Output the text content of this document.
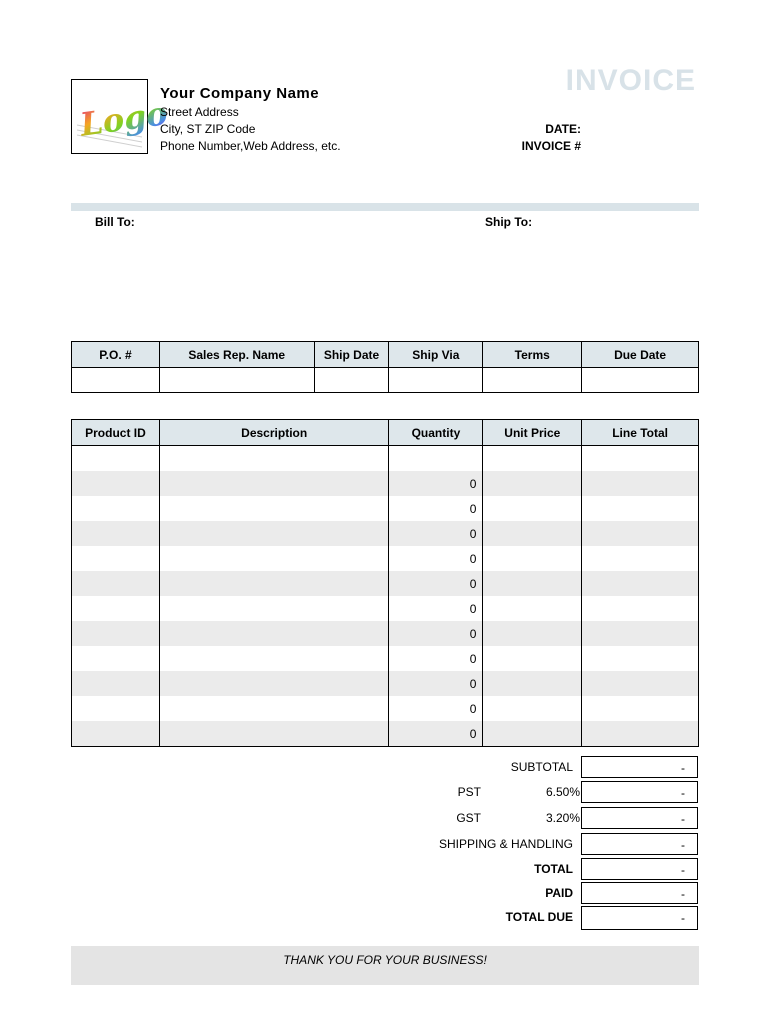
Logo
Your Company Name
Street Address
City, ST ZIP Code
Phone Number,Web Address, etc.
INVOICE
DATE:
INVOICE #
Bill To:	Ship To:
P.O. #	Sales Rep. Name	Ship Date	Ship Via	Terms	Due Date

Product ID	Description	Quantity	Unit Price	Line Total

		0		
		0		
		0		
		0		
		0		
		0		
		0		
		0		
		0		
		0		
		0		
SUBTOTAL	-
PST	6.50%	-
GST	3.20%	-
SHIPPING & HANDLING	-
TOTAL	-
PAID	-
TOTAL DUE	-
THANK YOU FOR YOUR BUSINESS!
